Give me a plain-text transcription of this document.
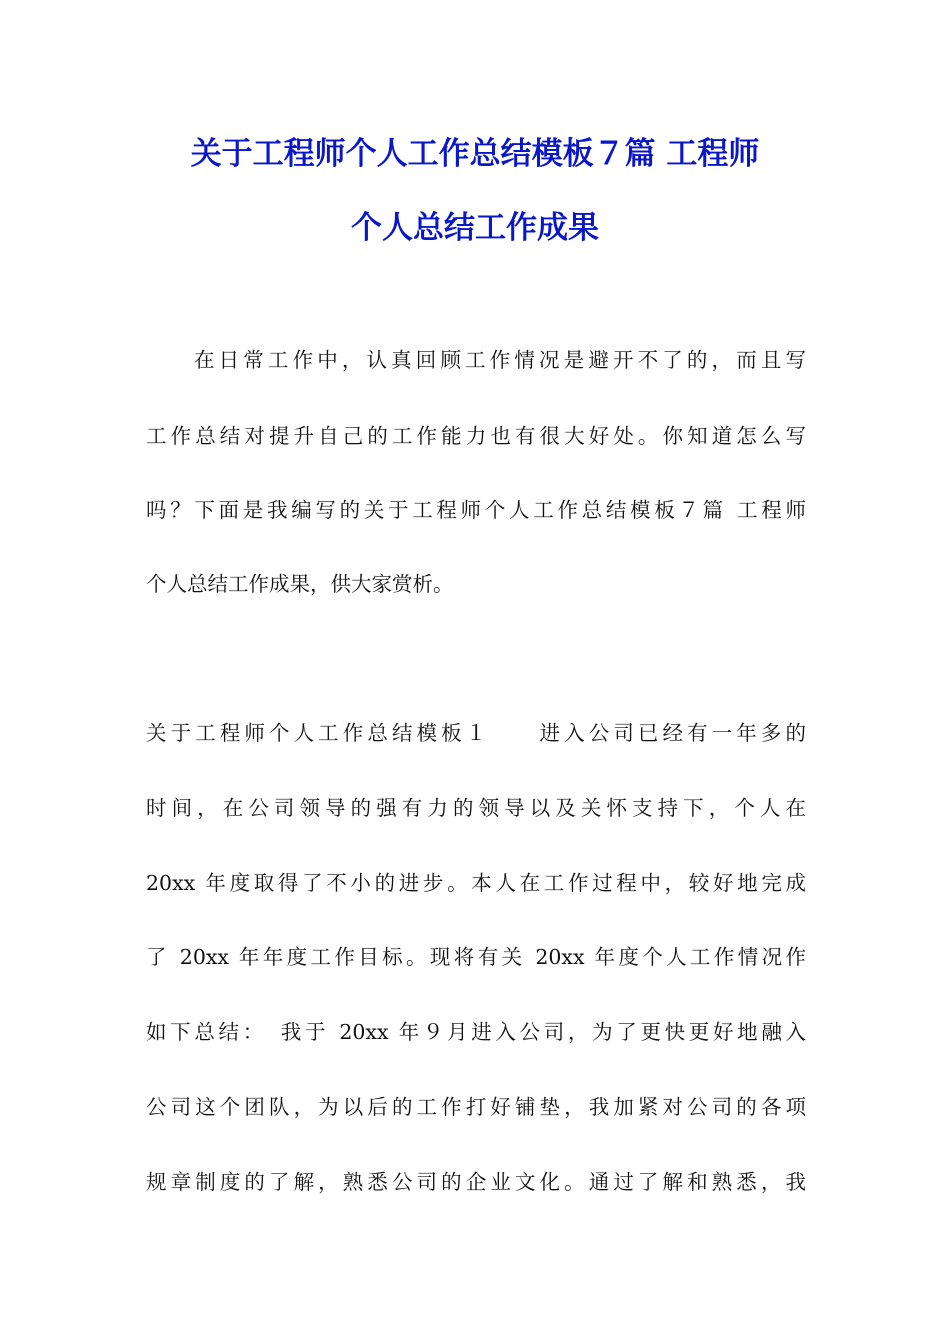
关于工程师个人工作总结模板７篇 工程师
个人总结工作成果
在日常工作中，认真回顾工作情况是避开不了的，而且写
工作总结对提升自己的工作能力也有很大好处。你知道怎么写
吗？下面是我编写的关于工程师个人工作总结模板７篇 工程师
个人总结工作成果，供大家赏析。
关于工程师个人工作总结模板１　　进入公司已经有一年多的
时间，在公司领导的强有力的领导以及关怀支持下，个人在
20xx 年度取得了不小的进步。本人在工作过程中，较好地完成
了 20xx 年年度工作目标。现将有关 20xx 年度个人工作情况作
如下总结：　我于 20xx 年９月进入公司，为了更快更好地融入
公司这个团队，为以后的工作打好铺垫，我加紧对公司的各项
规章制度的了解，熟悉公司的企业文化。通过了解和熟悉，我
